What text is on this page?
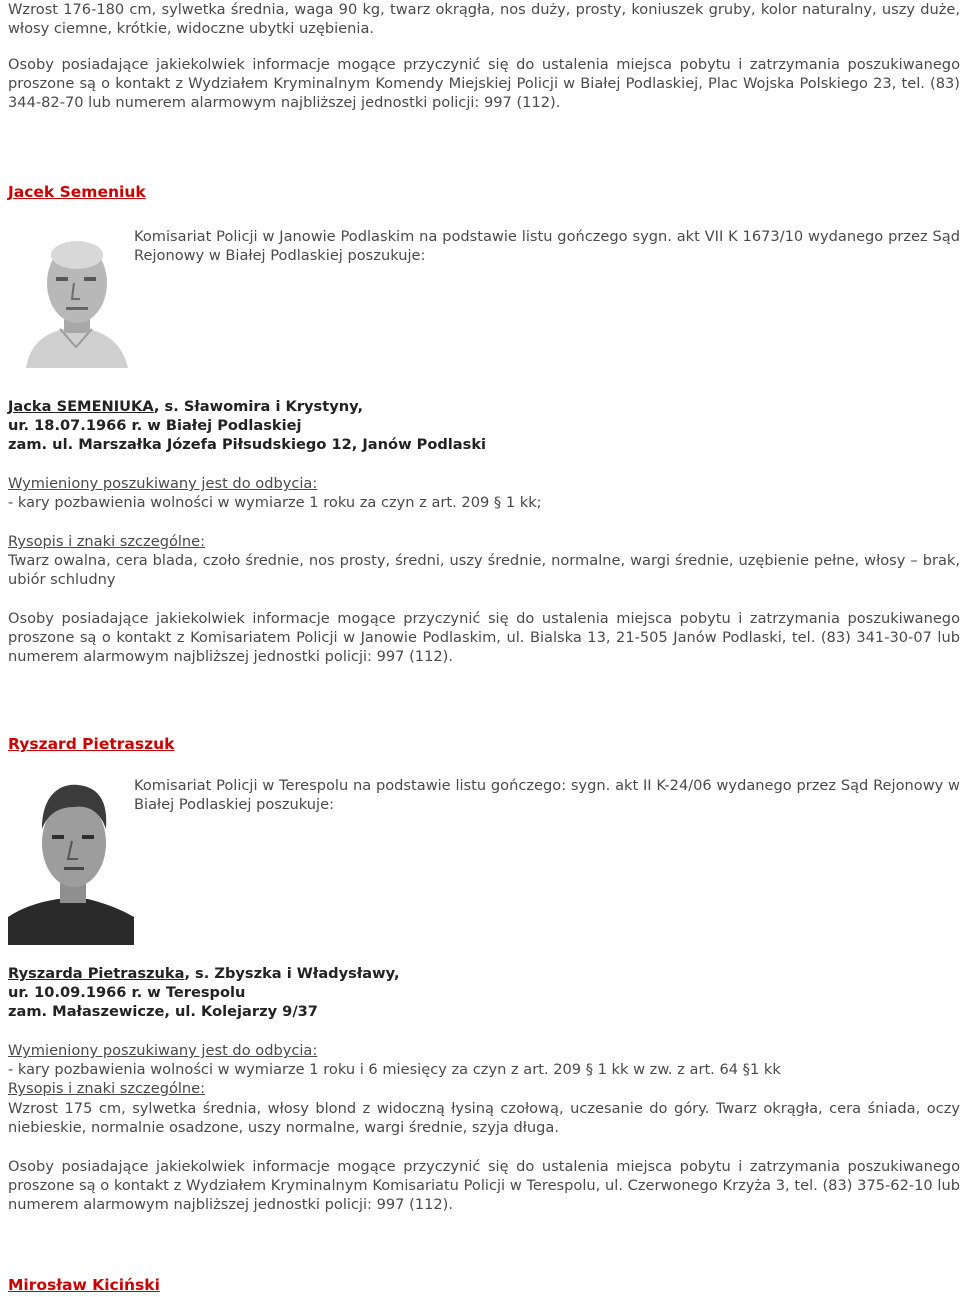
Wzrost 176-180 cm, sylwetka średnia, waga 90 kg, twarz okrągła, nos duży, prosty, koniuszek gruby, kolor naturalny, uszy duże, włosy ciemne, krótkie, widoczne ubytki uzębienia.

Osoby posiadające jakiekolwiek informacje mogące przyczynić się do ustalenia miejsca pobytu i zatrzymania poszukiwanego proszone są o kontakt z Wydziałem Kryminalnym Komendy Miejskiej Policji w Białej Podlaskiej, Plac Wojska Polskiego 23, tel. (83) 344-82-70 lub numerem alarmowym najbliższej jednostki policji: 997 (112).

Jacek Semeniuk

Komisariat Policji w Janowie Podlaskim na podstawie listu gończego sygn. akt VII K 1673/10 wydanego przez Sąd Rejonowy w Białej Podlaskiej poszukuje:

Jacka SEMENIUKA, s. Sławomira i Krystyny,

ur. 18.07.1966 r. w Białej Podlaskiej

zam. ul. Marszałka Józefa Piłsudskiego 12, Janów Podlaski

Wymieniony poszukiwany jest do odbycia:

- kary pozbawienia wolności w wymiarze 1 roku za czyn z art. 209 § 1 kk;

Rysopis i znaki szczególne:

Twarz owalna, cera blada, czoło średnie, nos prosty, średni, uszy średnie, normalne, wargi średnie, uzębienie pełne, włosy – brak, ubiór schludny

Osoby posiadające jakiekolwiek informacje mogące przyczynić się do ustalenia miejsca pobytu i zatrzymania poszukiwanego proszone są o kontakt z Komisariatem Policji w Janowie Podlaskim, ul. Bialska 13, 21-505 Janów Podlaski, tel. (83) 341-30-07 lub numerem alarmowym najbliższej jednostki policji: 997 (112).

Ryszard Pietraszuk

Komisariat Policji w Terespolu na podstawie listu gończego: sygn. akt II K-24/06 wydanego przez Sąd Rejonowy w Białej Podlaskiej poszukuje:

Ryszarda Pietraszuka, s. Zbyszka i Władysławy,

ur. 10.09.1966 r. w Terespolu

zam. Małaszewicze, ul. Kolejarzy 9/37

Wymieniony poszukiwany jest do odbycia:

- kary pozbawienia wolności w wymiarze 1 roku i 6 miesięcy za czyn z art. 209 § 1 kk w zw. z art. 64 §1 kk

Rysopis i znaki szczególne:

Wzrost 175 cm, sylwetka średnia, włosy blond z widoczną łysiną czołową, uczesanie do góry. Twarz okrągła, cera śniada, oczy niebieskie, normalnie osadzone, uszy normalne, wargi średnie, szyja długa.

Osoby posiadające jakiekolwiek informacje mogące przyczynić się do ustalenia miejsca pobytu i zatrzymania poszukiwanego proszone są o kontakt z Wydziałem Kryminalnym Komisariatu Policji w Terespolu, ul. Czerwonego Krzyża 3, tel. (83) 375-62-10 lub numerem alarmowym najbliższej jednostki policji: 997 (112).

Mirosław Kiciński
